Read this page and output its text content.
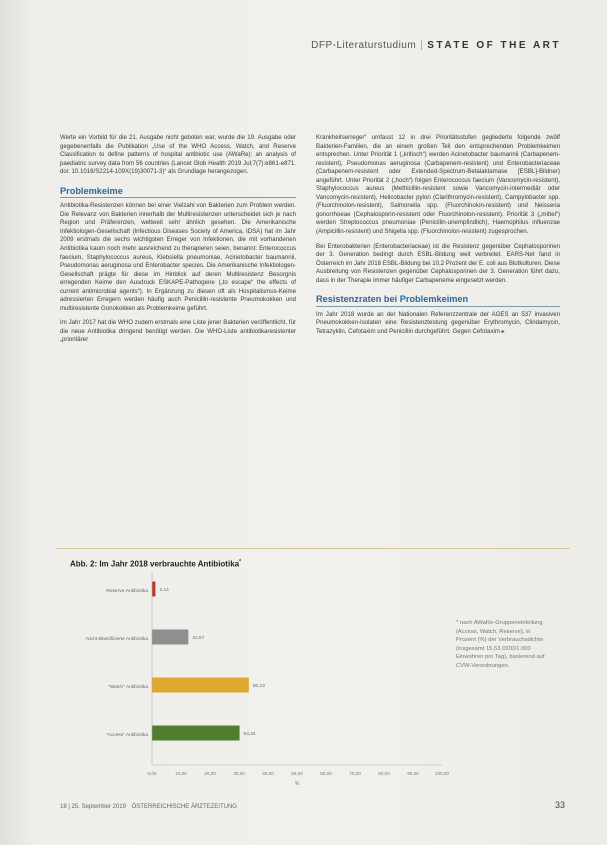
DFP-Literaturstudium | STATE OF THE ART

Werte ein Vorbild für die 21. Ausgabe nicht geboten war, wurde die 19. Ausgabe oder gegebenenfalls die Publikation „Use of the WHO Access, Watch, and Reserve Classification to define patterns of hospital antibiotic use (AWaRe): an analysis of paediatric survey data from 56 countries (Lancet Glob Health 2019 Jul;7(7):e861-e871. doi: 10.1016/S2214-109X(19)30071-3)“ als Grundlage herangezogen.

Problemkeime

Antibiotika-Resistenzen können bei einer Vielzahl von Bakterien zum Problem werden. Die Relevanz von Bakterien innerhalb der Multiresistenzen unterscheidet sich je nach Region und Präferenzen, weltweit sehr ähnlich gesehen. Die Amerikanische Infektiologen-Gesellschaft (Infectious Diseases Society of America, IDSA) hat im Jahr 2009 erstmals die sechs wichtigsten Erreger von Infektionen, die mit vorhandenen Antibiotika kaum noch mehr ausreichend zu therapieren seien, benannt: Enterococcus faecium, Staphylococcus aureus, Klebsiella pneumoniae, Acinetobacter baumannii, Pseudomonas aeruginosa und Enterobacter species. Die Amerikanische Infektiologen-Gesellschaft prägte für diese im Hinblick auf deren Multiresistenz Besorgnis erregenden Keime den Ausdruck ESKAPE-Pathogene („to escape“ the effects of current antimicrobial agents“). In Ergänzung zu diesen oft als Hospitalismus-Keime adressierten Erregern werden häufig auch Penicillin-resistente Pneumokokken und multiresistente Gonokokken als Problemkeime geführt.

Im Jahr 2017 hat die WHO zudem erstmals eine Liste jener Bakterien veröffentlicht, für die neue Antibiotika dringend benötigt werden. Die WHO-Liste antibiotikaresistenter „prioritärer

Krankheitserreger“ umfasst 12 in drei Prioritätsstufen gegliederte folgende zwölf Bakterien-Familien, die an einem großen Teil den entsprechenden Problemkeimen entsprechen. Unter Priorität 1 („kritisch“) werden Acinetobacter baumannii (Carbapenem-resistent), Pseudomonas aeruginosa (Carbapenem-resistent) und Enterobacteriaceae (Carbapenem-resistent oder Extended-Spectrum-Betalaktamase [ESBL]-Bildner) angeführt. Unter Priorität 2 („hoch“) folgen Enterococcus faecium (Vancomycin-resistent), Staphylococcus aureus (Methicillin-resistent sowie Vancomycin-intermediär oder Vancomycin-resistent), Helicobacter pylori (Clarithromycin-resistent), Campylobacter spp. (Fluorchinolon-resistent), Salmonella spp. (Fluorchinolon-resistent) und Neisseria gonorrhoeae (Cephalosporin-resistent oder Fluorchinolon-resistent). Priorität 3 („mittel“) werden Streptococcus pneumoniae (Penicillin-unempfindlich), Haemophilus influenzae (Ampicillin-resistent) und Shigella spp. (Fluorchinolon-resistent) zugesprochen.

Bei Enterobakterien (Enterobacteriaceae) ist die Resistenz gegenüber Cephalosporinen der 3. Generation bedingt durch ESBL-Bildung weit verbreitet. EARS-Net fand in Österreich im Jahr 2018 ESBL-Bildung bei 10,2 Prozent der E. coli aus Blutkulturen. Diese Ausbreitung von Resistenzen gegenüber Cephalosporinen der 3. Generation führt dazu, dass in der Therapie immer häufiger Carbapeneme eingesetzt werden.

Resistenzraten bei Problemkeimen

Im Jahr 2018 wurde an der Nationalen Referenzzentrale der AGES an 537 invasiven Pneumokokken-Isolaten eine Resistenztestung gegenüber Erythromycin, Clindamycin, Tetrazyklin, Cefotaxim und Penicillin durchgeführt. Gegen Cefotaxim ▸

Abb. 2: Im Jahr 2018 verbrauchte Antibiotika*
Reserve-Antibiotika 2,14
Nicht-klassifizierte Antibiotika	22,57
"Watch" Antibiotika	60,13
"Access" Antibiotika	54,34
0,00	10,00	20,00	30,00	40,00	50,00	60,00	70,00	80,00	90,00	100,00
%
* nach AWaRe-Gruppeneinteilung (Access, Watch, Reserve), in Prozent (%) der Verbrauchsdichte (insgesamt 15,53 DDD/1.000 Einwohner pro Tag), basierend auf CVW-Verordnungen.
18 | 25. September 2019 ÖSTERREICHISCHE ÄRZTEZEITUNG	33
